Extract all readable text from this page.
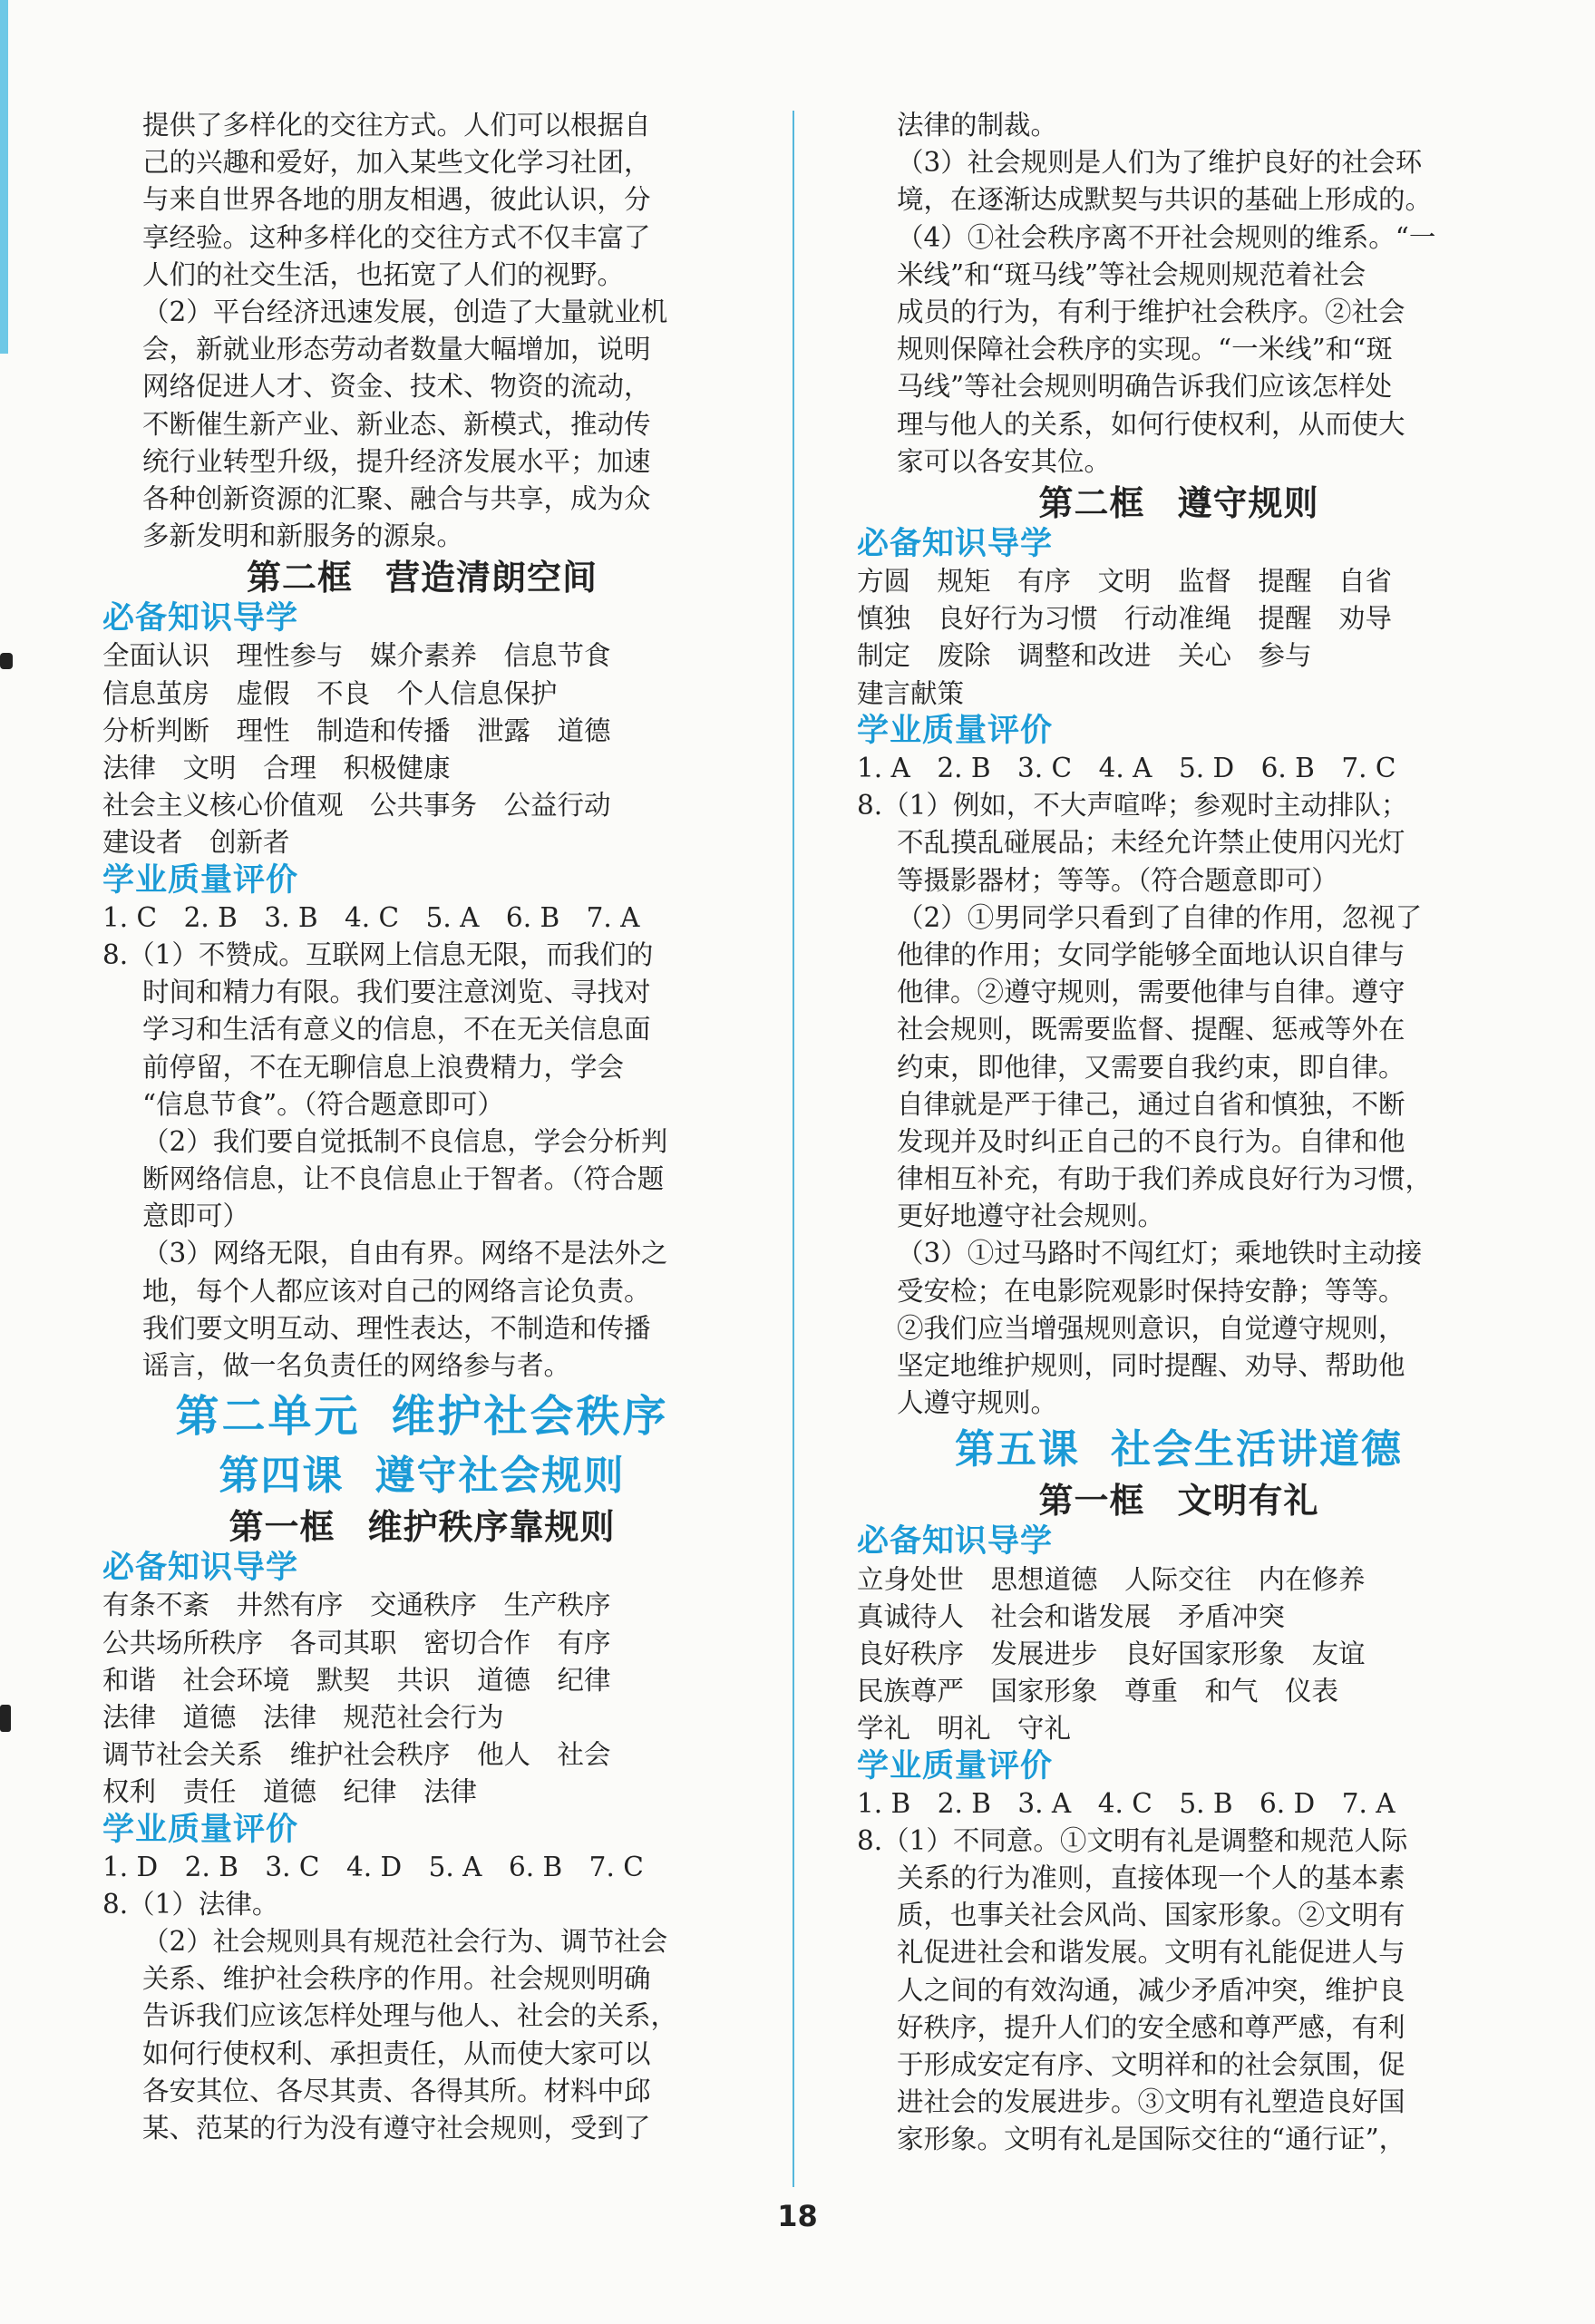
提供了多样化的交往方式。人们可以根据自
己的兴趣和爱好，加入某些文化学习社团，
与来自世界各地的朋友相遇，彼此认识，分
享经验。这种多样化的交往方式不仅丰富了
人们的社交生活，也拓宽了人们的视野。
（2）平台经济迅速发展，创造了大量就业机
会，新就业形态劳动者数量大幅增加，说明
网络促进人才、资金、技术、物资的流动，
不断催生新产业、新业态、新模式，推动传
统行业转型升级，提升经济发展水平；加速
各种创新资源的汇聚、融合与共享，成为众
多新发明和新服务的源泉。
第二框 营造清朗空间
必备知识导学
全面认识　理性参与　媒介素养　信息节食
信息茧房　虚假　不良　个人信息保护
分析判断　理性　制造和传播　泄露　道德
法律　文明　合理　积极健康
社会主义核心价值观　公共事务　公益行动
建设者　创新者
学业质量评价
1. C　2. B　3. B　4. C　5. A　6. B　7. A
8.（1）不赞成。互联网上信息无限，而我们的
时间和精力有限。我们要注意浏览、寻找对
学习和生活有意义的信息，不在无关信息面
前停留，不在无聊信息上浪费精力，学会
“信息节食”。（符合题意即可）
（2）我们要自觉抵制不良信息，学会分析判
断网络信息，让不良信息止于智者。（符合题
意即可）
（3）网络无限，自由有界。网络不是法外之
地，每个人都应该对自己的网络言论负责。
我们要文明互动、理性表达，不制造和传播
谣言，做一名负责任的网络参与者。
第二单元 维护社会秩序
第四课 遵守社会规则
第一框 维护秩序靠规则
必备知识导学
有条不紊　井然有序　交通秩序　生产秩序
公共场所秩序　各司其职　密切合作　有序
和谐　社会环境　默契　共识　道德　纪律
法律　道德　法律　规范社会行为
调节社会关系　维护社会秩序　他人　社会
权利　责任　道德　纪律　法律
学业质量评价
1. D　2. B　3. C　4. D　5. A　6. B　7. C
8.（1）法律。
（2）社会规则具有规范社会行为、调节社会
关系、维护社会秩序的作用。社会规则明确
告诉我们应该怎样处理与他人、社会的关系，
如何行使权利、承担责任，从而使大家可以
各安其位、各尽其责、各得其所。材料中邱
某、范某的行为没有遵守社会规则，受到了
法律的制裁。
（3）社会规则是人们为了维护良好的社会环
境，在逐渐达成默契与共识的基础上形成的。
（4）①社会秩序离不开社会规则的维系。“一
米线”和“斑马线”等社会规则规范着社会
成员的行为，有利于维护社会秩序。②社会
规则保障社会秩序的实现。“一米线”和“斑
马线”等社会规则明确告诉我们应该怎样处
理与他人的关系，如何行使权利，从而使大
家可以各安其位。
第二框 遵守规则
必备知识导学
方圆　规矩　有序　文明　监督　提醒　自省
慎独　良好行为习惯　行动准绳　提醒　劝导
制定　废除　调整和改进　关心　参与
建言献策
学业质量评价
1. A　2. B　3. C　4. A　5. D　6. B　7. C
8.（1）例如，不大声喧哗；参观时主动排队；
不乱摸乱碰展品；未经允许禁止使用闪光灯
等摄影器材；等等。（符合题意即可）
（2）①男同学只看到了自律的作用，忽视了
他律的作用；女同学能够全面地认识自律与
他律。②遵守规则，需要他律与自律。遵守
社会规则，既需要监督、提醒、惩戒等外在
约束，即他律，又需要自我约束，即自律。
自律就是严于律己，通过自省和慎独，不断
发现并及时纠正自己的不良行为。自律和他
律相互补充，有助于我们养成良好行为习惯，
更好地遵守社会规则。
（3）①过马路时不闯红灯；乘地铁时主动接
受安检；在电影院观影时保持安静；等等。
②我们应当增强规则意识，自觉遵守规则，
坚定地维护规则，同时提醒、劝导、帮助他
人遵守规则。
第五课 社会生活讲道德
第一框 文明有礼
必备知识导学
立身处世　思想道德　人际交往　内在修养
真诚待人　社会和谐发展　矛盾冲突
良好秩序　发展进步　良好国家形象　友谊
民族尊严　国家形象　尊重　和气　仪表
学礼　明礼　守礼
学业质量评价
1. B　2. B　3. A　4. C　5. B　6. D　7. A
8.（1）不同意。①文明有礼是调整和规范人际
关系的行为准则，直接体现一个人的基本素
质，也事关社会风尚、国家形象。②文明有
礼促进社会和谐发展。文明有礼能促进人与
人之间的有效沟通，减少矛盾冲突，维护良
好秩序，提升人们的安全感和尊严感，有利
于形成安定有序、文明祥和的社会氛围，促
进社会的发展进步。③文明有礼塑造良好国
家形象。文明有礼是国际交往的“通行证”，
18
